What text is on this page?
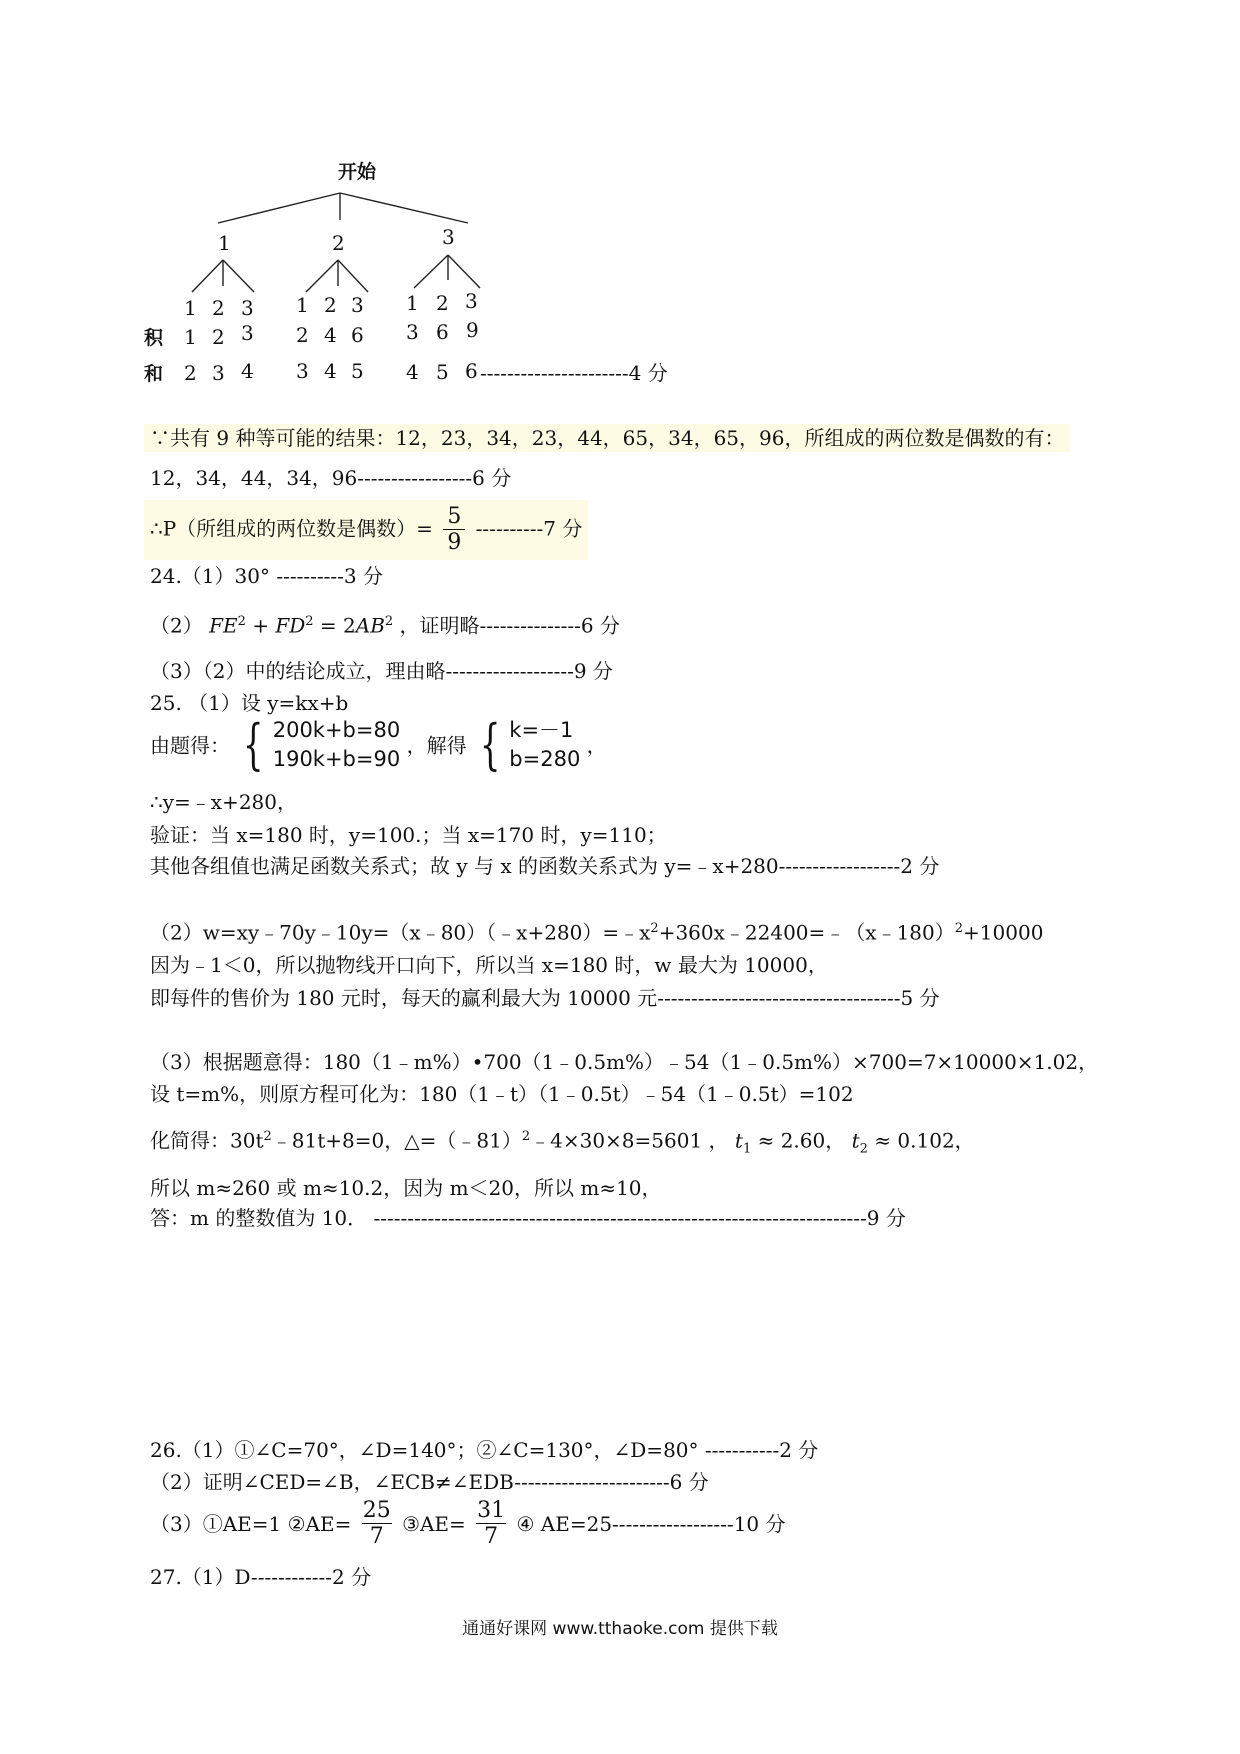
开始
1	2	3
1 2 3 1 2 3 1 2 3
积 1 2 3 2 4 6 3 6 9
和 2 3 4 3 4 5 4 5 6 ----------------------4 分
∵共有 9 种等可能的结果：12，23，34，23，44，65，34，65，96，所组成的两位数是偶数的有：
12，34，44，34，96-----------------6 分
∴P（所组成的两位数是偶数）= $\frac{5}{9} ----------7$ 分
24.（1）30° ----------3 分
（2） $FE^2 + FD^2 = 2AB^2$ ，证明略---------------6 分
（3）（2）中的结论成立，理由略-------------------9 分
25. （1）设 y=kx+b
由题得： { 200k+b=80
190k+b=90
，解得 { k=－1
b=280
，
∴y=﹣x+280，
验证：当 x=180 时，y=100.；当 x=170 时，y=110；
其他各组值也满足函数关系式；故 y 与 x 的函数关系式为 y=﹣x+280------------------2 分
$(2)w=xy﹣70y﹣10y=(x﹣80)(﹣x+280)=﹣x^2+360x﹣22400=﹣(x﹣180)^2+10000$
因为﹣1＜0，所以抛物线开口向下，所以当 x=180 时，w 最大为 10000，
即每件的售价为 180 元时，每天的赢利最大为 10000 元------------------------------------5 分
（3）根据题意得：180（1﹣m%）•700（1﹣0.5m%）﹣54（1﹣0.5m%）×700=7×10000×1.02，
设 t=m%，则原方程可化为：180（1﹣t）（1﹣0.5t）﹣54（1﹣0.5t）=102
化简得：$30t^2﹣81t+8=0$，△=（﹣81）$^2$﹣4×30×8=5601 ， $t_1 \approx 2.60$， $t_2 \approx 0.102$，
所以 m≈260 或 m≈10.2，因为 m＜20，所以 m≈10，
答：m 的整数值为 10． -------------------------------------------------------------------------9 分
26.（1）①∠C=70°，∠D=140°；②∠C=130°，∠D=80° -----------2 分
（2）证明∠CED=∠B，∠ECB≠∠EDB-----------------------6 分
（3）①AE=1 ②AE= $\frac{25}{7}$ ③AE= $\frac{31}{7}$ ④ AE=25------------------10 分
27.（1）D------------2 分
通通好课网 www.tthaoke.com 提供下载
